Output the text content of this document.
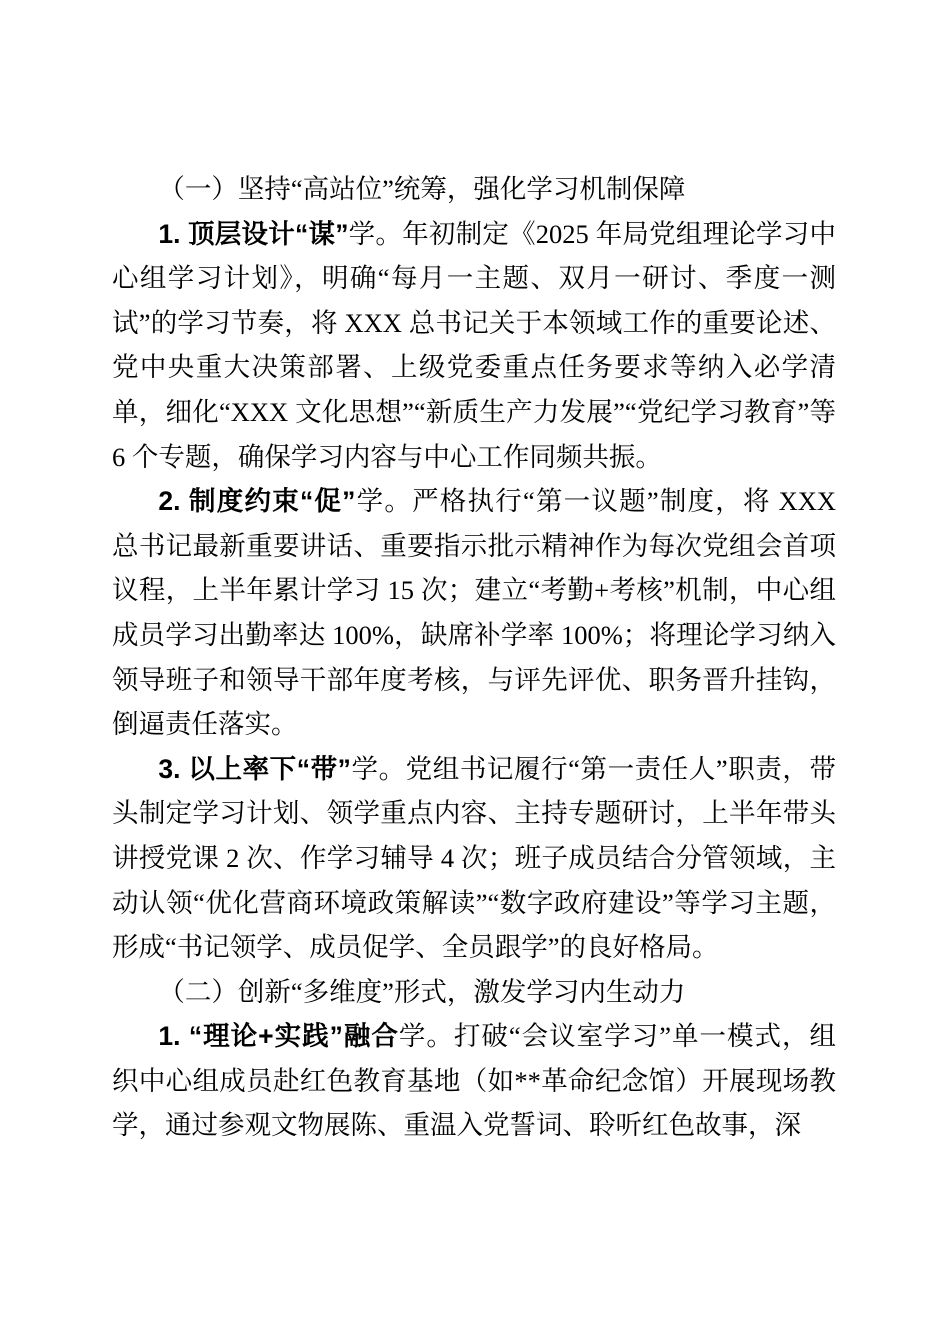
（一）坚持“高站位”统筹，强化学习机制保障

1. 顶层设计“谋”学。年初制定《2025 年局党组理论学习中心组学习计划》，明确“每月一主题、双月一研讨、季度一测试”的学习节奏，将 XXX 总书记关于本领域工作的重要论述、党中央重大决策部署、上级党委重点任务要求等纳入必学清单，细化“XXX 文化思想”“新质生产力发展”“党纪学习教育”等 6 个专题，确保学习内容与中心工作同频共振。

2. 制度约束“促”学。严格执行“第一议题”制度，将 XXX 总书记最新重要讲话、重要指示批示精神作为每次党组会首项议程，上半年累计学习 15 次；建立“考勤+考核”机制，中心组成员学习出勤率达 100%，缺席补学率 100%；将理论学习纳入领导班子和领导干部年度考核，与评先评优、职务晋升挂钩，倒逼责任落实。

3. 以上率下“带”学。党组书记履行“第一责任人”职责，带头制定学习计划、领学重点内容、主持专题研讨，上半年带头讲授党课 2 次、作学习辅导 4 次；班子成员结合分管领域，主动认领“优化营商环境政策解读”“数字政府建设”等学习主题，形成“书记领学、成员促学、全员跟学”的良好格局。

（二）创新“多维度”形式，激发学习内生动力

1. “理论+实践”融合学。打破“会议室学习”单一模式，组织中心组成员赴红色教育基地（如**革命纪念馆）开展现场教学，通过参观文物展陈、重温入党誓词、聆听红色故事，深
